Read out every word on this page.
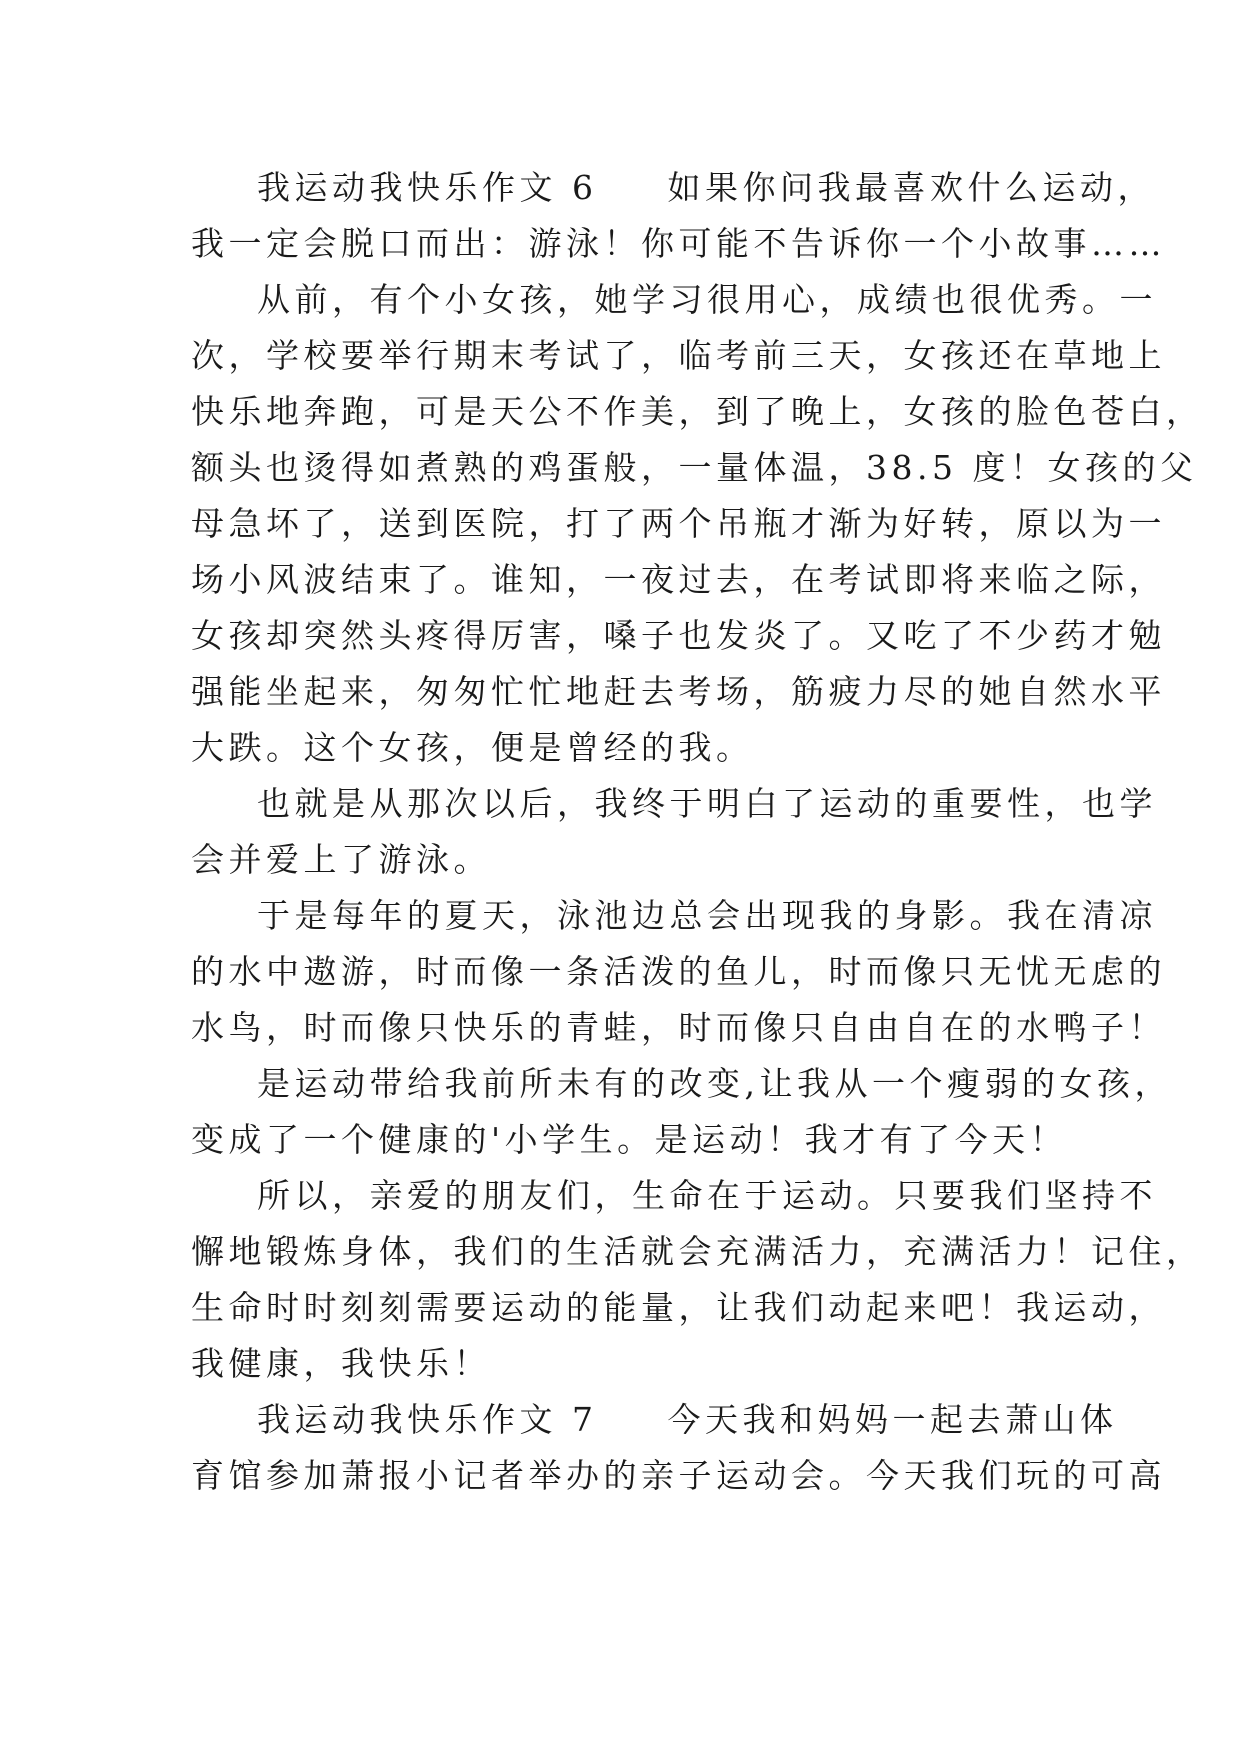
我运动我快乐作文 6 如果你问我最喜欢什么运动，
我一定会脱口而出：游泳！你可能不告诉你一个小故事……
从前，有个小女孩，她学习很用心，成绩也很优秀。一
次，学校要举行期末考试了，临考前三天，女孩还在草地上
快乐地奔跑，可是天公不作美，到了晚上，女孩的脸色苍白，
额头也烫得如煮熟的鸡蛋般，一量体温，38.5 度！女孩的父
母急坏了，送到医院，打了两个吊瓶才渐为好转，原以为一
场小风波结束了。谁知，一夜过去，在考试即将来临之际，
女孩却突然头疼得厉害，嗓子也发炎了。又吃了不少药才勉
强能坐起来，匆匆忙忙地赶去考场，筋疲力尽的她自然水平
大跌。这个女孩，便是曾经的我。
也就是从那次以后，我终于明白了运动的重要性，也学
会并爱上了游泳。
于是每年的夏天，泳池边总会出现我的身影。我在清凉
的水中遨游，时而像一条活泼的鱼儿，时而像只无忧无虑的
水鸟，时而像只快乐的青蛙，时而像只自由自在的水鸭子！
是运动带给我前所未有的改变,让我从一个瘦弱的女孩，
变成了一个健康的'小学生。是运动！我才有了今天！
所以，亲爱的朋友们，生命在于运动。只要我们坚持不
懈地锻炼身体，我们的生活就会充满活力，充满活力！记住，
生命时时刻刻需要运动的能量，让我们动起来吧！我运动，
我健康，我快乐！
我运动我快乐作文 7 今天我和妈妈一起去萧山体
育馆参加萧报小记者举办的亲子运动会。今天我们玩的可高
